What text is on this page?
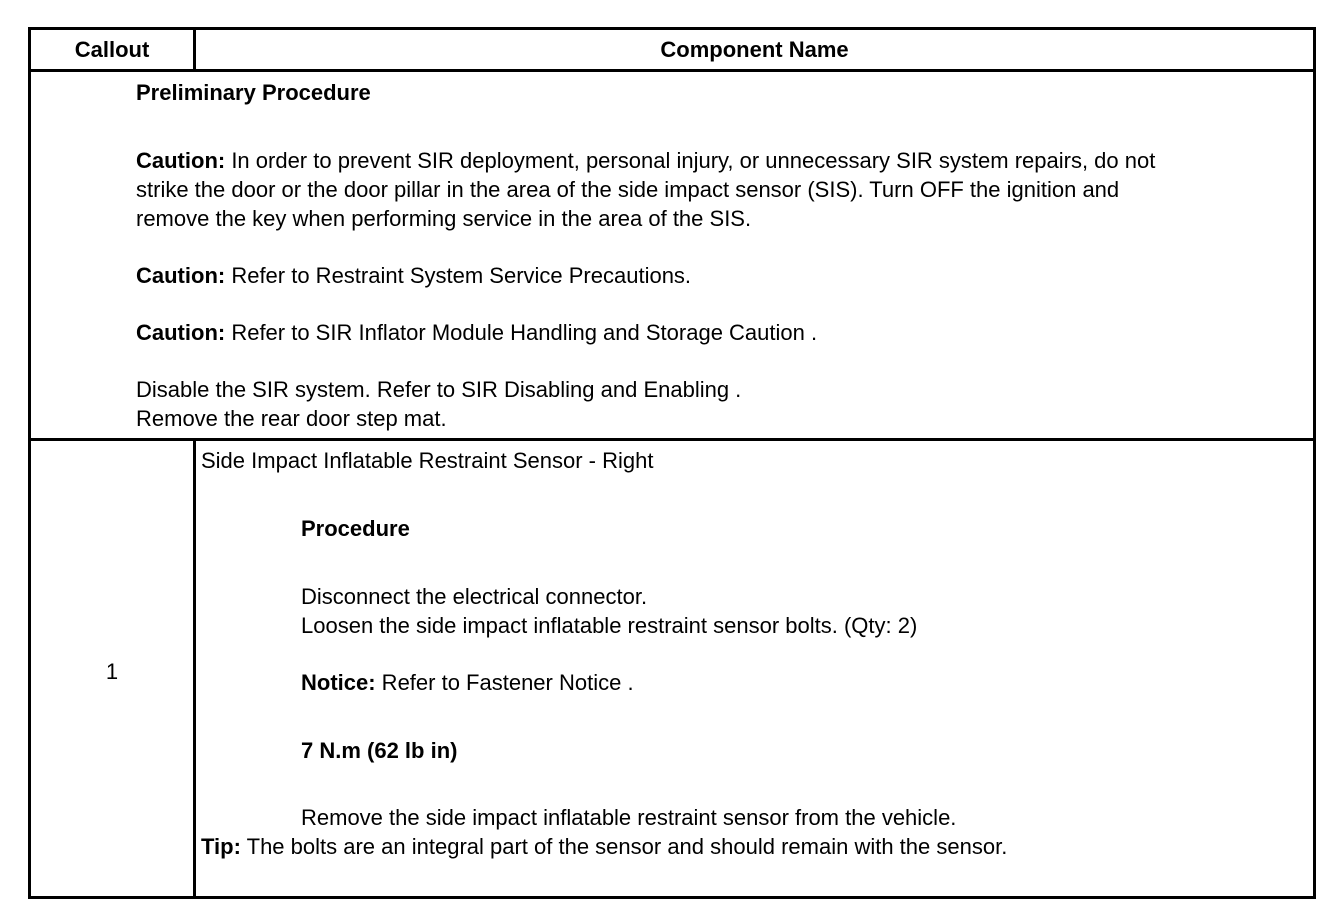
Callout	Component Name
Preliminary Procedure
Caution: In order to prevent SIR deployment, personal injury, or unnecessary SIR system repairs, do not
strike the door or the door pillar in the area of the side impact sensor (SIS). Turn OFF the ignition and
remove the key when performing service in the area of the SIS.
Caution: Refer to Restraint System Service Precautions.
Caution: Refer to SIR Inflator Module Handling and Storage Caution .
Disable the SIR system. Refer to SIR Disabling and Enabling .
Remove the rear door step mat.
1
Side Impact Inflatable Restraint Sensor - Right
Procedure
Disconnect the electrical connector.
Loosen the side impact inflatable restraint sensor bolts. (Qty: 2)
Notice: Refer to Fastener Notice .
7 N.m (62 lb in)
Remove the side impact inflatable restraint sensor from the vehicle.
Tip: The bolts are an integral part of the sensor and should remain with the sensor.
